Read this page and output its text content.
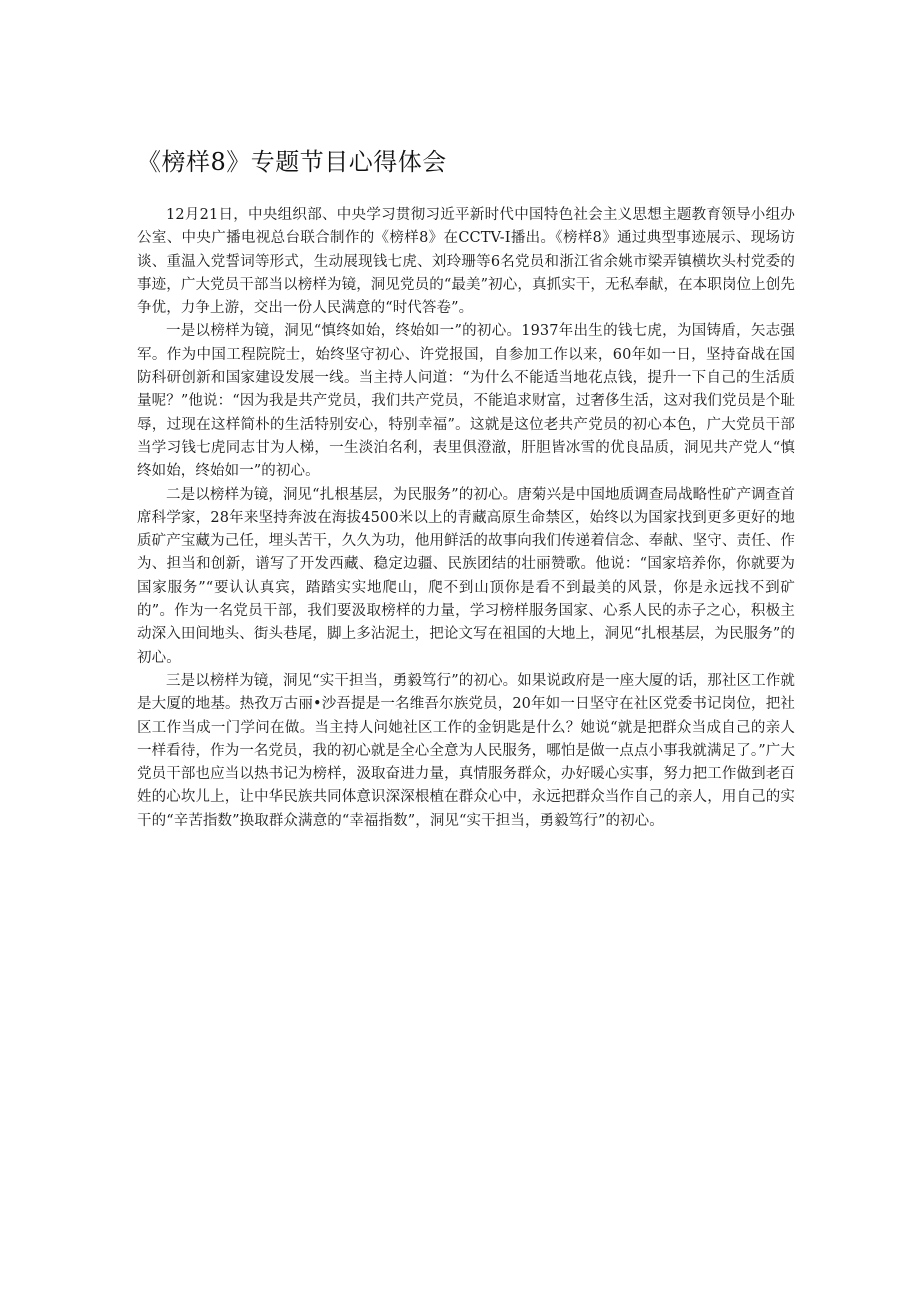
《榜样8》专题节目心得体会

12月21日，中央组织部、中央学习贯彻习近平新时代中国特色社会主义思想主题教育领导小组办公室、中央广播电视总台联合制作的《榜样8》在CCTV-I播出。《榜样8》通过典型事迹展示、现场访谈、重温入党誓词等形式，生动展现钱七虎、刘玲珊等6名党员和浙江省余姚市梁弄镇横坎头村党委的事迹，广大党员干部当以榜样为镜，洞见党员的“最美”初心，真抓实干，无私奉献，在本职岗位上创先争优，力争上游，交出一份人民满意的“时代答卷”。

一是以榜样为镜，洞见“慎终如始，终始如一”的初心。1937年出生的钱七虎，为国铸盾，矢志强军。作为中国工程院院士，始终坚守初心、许党报国，自参加工作以来，60年如一日，坚持奋战在国防科研创新和国家建设发展一线。当主持人问道：“为什么不能适当地花点钱，提升一下自己的生活质量呢？”他说：“因为我是共产党员，我们共产党员，不能追求财富，过奢侈生活，这对我们党员是个耻辱，过现在这样简朴的生活特别安心，特别幸福”。这就是这位老共产党员的初心本色，广大党员干部当学习钱七虎同志甘为人梯，一生淡泊名利，表里俱澄澈，肝胆皆冰雪的优良品质，洞见共产党人“慎终如始，终始如一”的初心。

二是以榜样为镜，洞见“扎根基层，为民服务”的初心。唐菊兴是中国地质调查局战略性矿产调查首席科学家，28年来坚持奔波在海拔4500米以上的青藏高原生命禁区，始终以为国家找到更多更好的地质矿产宝藏为己任，埋头苦干，久久为功，他用鲜活的故事向我们传递着信念、奉献、坚守、责任、作为、担当和创新，谱写了开发西藏、稳定边疆、民族团结的壮丽赞歌。他说：“国家培养你，你就要为国家服务”“要认认真宾，踏踏实实地爬山，爬不到山顶你是看不到最美的风景，你是永远找不到矿的”。作为一名党员干部，我们要汲取榜样的力量，学习榜样服务国家、心系人民的赤子之心，积极主动深入田间地头、街头巷尾，脚上多沾泥土，把论文写在祖国的大地上，洞见“扎根基层，为民服务”的初心。

三是以榜样为镜，洞见“实干担当，勇毅笃行”的初心。如果说政府是一座大厦的话，那社区工作就是大厦的地基。热孜万古丽•沙吾提是一名维吾尔族党员，20年如一日坚守在社区党委书记岗位，把社区工作当成一门学问在做。当主持人问她社区工作的金钥匙是什么？她说“就是把群众当成自己的亲人一样看待，作为一名党员，我的初心就是全心全意为人民服务，哪怕是做一点点小事我就满足了。”广大党员干部也应当以热书记为榜样，汲取奋进力量，真情服务群众，办好暖心实事，努力把工作做到老百姓的心坎儿上，让中华民族共同体意识深深根植在群众心中，永远把群众当作自己的亲人，用自己的实干的“辛苦指数”换取群众满意的“幸福指数”，洞见“实干担当，勇毅笃行”的初心。
